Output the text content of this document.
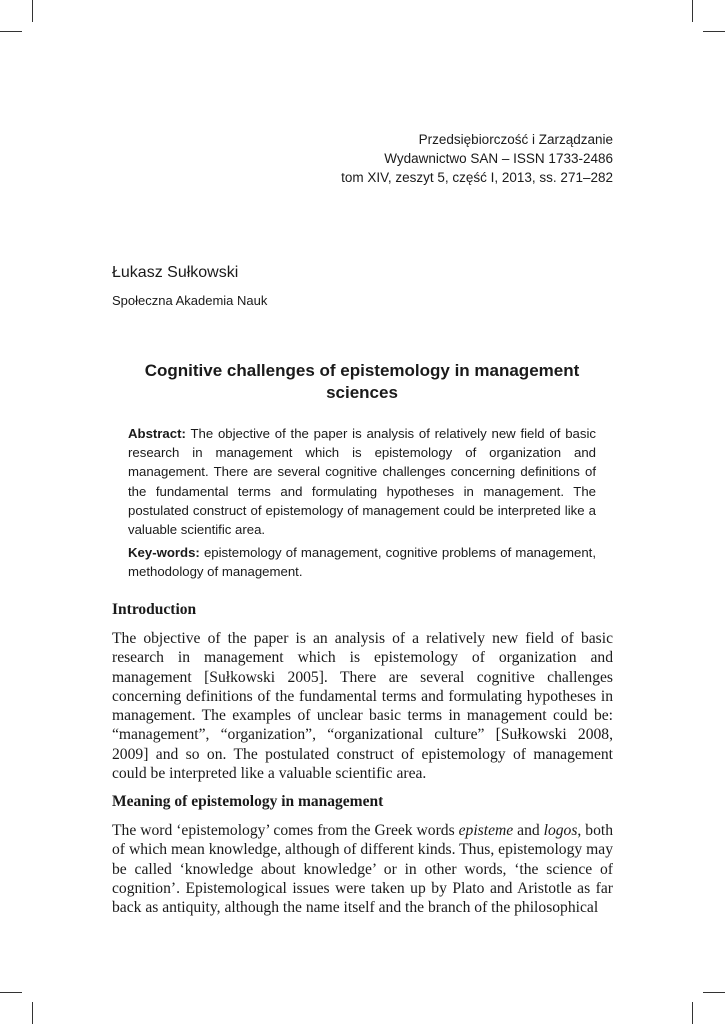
Przedsiębiorczość i Zarządzanie
Wydawnictwo SAN – ISSN 1733-2486
tom XIV, zeszyt 5, część I, 2013, ss. 271–282
Łukasz Sułkowski
Społeczna Akademia Nauk
Cognitive challenges of epistemology in management
sciences

Abstract: The objective of the paper is analysis of relatively new field of basic research in management which is epistemology of organization and management. There are several cognitive challenges concerning definitions of the fundamental terms and formulating hypotheses in management. The postulated construct of epistemology of management could be interpreted like a valuable scientific area.

Key-words: epistemology of management, cognitive problems of management, methodology of management.

Introduction

The objective of the paper is an analysis of a relatively new field of basic research in management which is epistemology of organization and management [Sułkowski 2005]. There are several cognitive challenges concerning definitions of the fundamental terms and formulating hypotheses in management. The examples of unclear basic terms in management could be: “management”, “organization”, “organizational culture” [Sułkowski 2008, 2009] and so on. The postulated construct of epistemology of management could be interpreted like a valuable scientific area.

Meaning of epistemology in management

The word ‘epistemology’ comes from the Greek words episteme and logos, both of which mean knowledge, although of different kinds. Thus, epistemology may be called ‘knowledge about knowledge’ or in other words, ‘the science of cognition’. Epistemological issues were taken up by Plato and Aristotle as far back as antiquity, although the name itself and the branch of the philosophical
